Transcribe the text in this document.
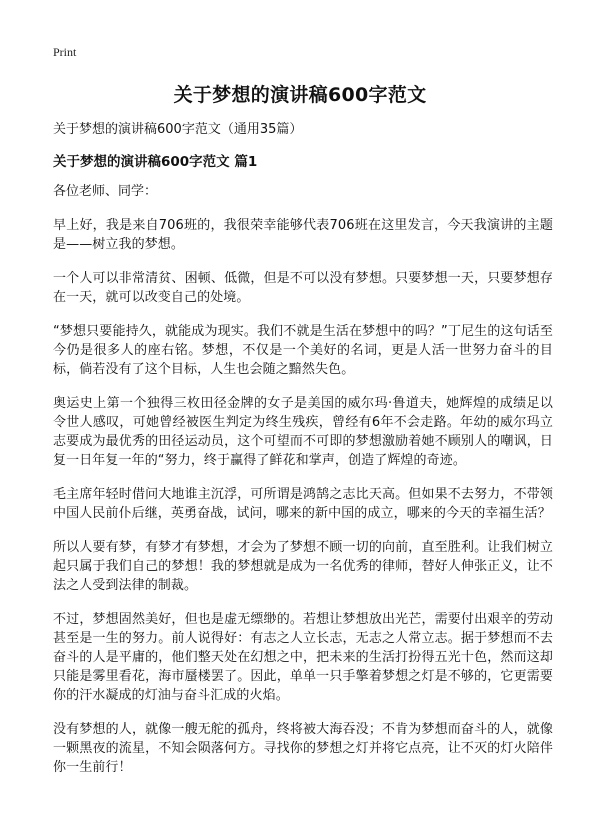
Print
关于梦想的演讲稿600字范文

关于梦想的演讲稿600字范文（通用35篇）

关于梦想的演讲稿600字范文 篇1

各位老师、同学：

早上好，我是来自706班的，我很荣幸能够代表706班在这里发言，今天我演讲的主题是——树立我的梦想。

一个人可以非常清贫、困顿、低微，但是不可以没有梦想。只要梦想一天，只要梦想存在一天，就可以改变自己的处境。

“梦想只要能持久，就能成为现实。我们不就是生活在梦想中的吗？”丁尼生的这句话至今仍是很多人的座右铭。梦想，不仅是一个美好的名词，更是人活一世努力奋斗的目标，倘若没有了这个目标，人生也会随之黯然失色。

奥运史上第一个独得三枚田径金牌的女子是美国的威尔玛·鲁道夫，她辉煌的成绩足以令世人感叹，可她曾经被医生判定为终生残疾，曾经有6年不会走路。年幼的威尔玛立志要成为最优秀的田径运动员，这个可望而不可即的梦想激励着她不顾别人的嘲讽，日复一日年复一年的“努力，终于赢得了鲜花和掌声，创造了辉煌的奇迹。

毛主席年轻时借问大地谁主沉浮，可所谓是鸿鹄之志比天高。但如果不去努力，不带领中国人民前仆后继，英勇奋战，试问，哪来的新中国的成立，哪来的今天的幸福生活？

所以人要有梦，有梦才有梦想，才会为了梦想不顾一切的向前，直至胜利。让我们树立起只属于我们自己的梦想！我的梦想就是成为一名优秀的律师，替好人伸张正义，让不法之人受到法律的制裁。

不过，梦想固然美好，但也是虚无缥缈的。若想让梦想放出光芒，需要付出艰辛的劳动甚至是一生的努力。前人说得好：有志之人立长志，无志之人常立志。据于梦想而不去奋斗的人是平庸的，他们整天处在幻想之中，把未来的生活打扮得五光十色，然而这却只能是雾里看花，海市蜃楼罢了。因此，单单一只手擎着梦想之灯是不够的，它更需要你的汗水凝成的灯油与奋斗汇成的火焰。

没有梦想的人，就像一艘无舵的孤舟，终将被大海吞没；不肯为梦想而奋斗的人，就像一颗黑夜的流星，不知会陨落何方。寻找你的梦想之灯并将它点亮，让不灭的灯火陪伴你一生前行！
